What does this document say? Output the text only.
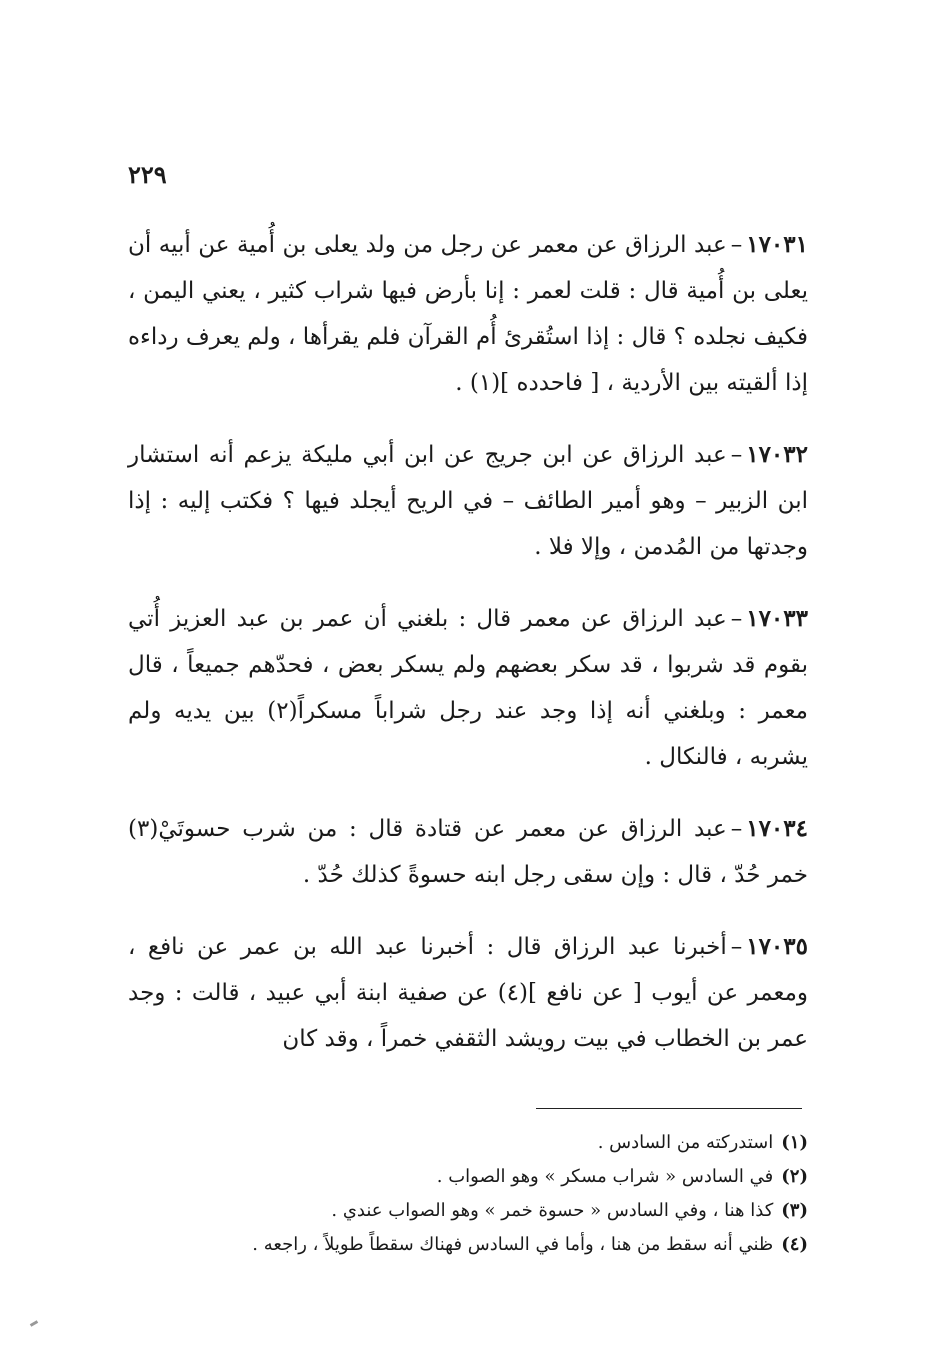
٢٢٩

١٧٠٣١–عبد الرزاق عن معمر عن رجل من ولد يعلى بن أُمية عن أبيه أن يعلى بن أُمية قال : قلت لعمر : إنا بأرض فيها شراب كثير ، يعني اليمن ، فكيف نجلده ؟ قال : إذا استُقرئ أُم القرآن فلم يقرأها ، ولم يعرف رداءه إذا ألقيته بين الأردية ، [ فاحدده ](١) .

١٧٠٣٢–عبد الرزاق عن ابن جريج عن ابن أبي مليكة يزعم أنه استشار ابن الزبير – وهو أمير الطائف – في الريح أيجلد فيها ؟ فكتب إليه : إذا وجدتها من المُدمن ، وإلا فلا .

١٧٠٣٣–عبد الرزاق عن معمر قال : بلغني أن عمر بن عبد العزيز أُتي بقوم قد شربوا ، قد سكر بعضهم ولم يسكر بعض ، فحدّهم جميعاً ، قال معمر : وبلغني أنه إذا وجد عند رجل شراباً مسكراً(٢) بين يديه ولم يشربه ، فالنكال .

١٧٠٣٤–عبد الرزاق عن معمر عن قتادة قال : من شرب حسوتَيْ(٣) خمر حُدّ ، قال : وإن سقى رجل ابنه حسوةً كذلك حُدّ .

١٧٠٣٥–أخبرنا عبد الرزاق قال : أخبرنا عبد الله بن عمر عن نافع ، ومعمر عن أيوب [ عن نافع ](٤) عن صفية ابنة أبي عبيد ، قالت : وجد عمر بن الخطاب في بيت رويشد الثقفي خمراً ، وقد كان

(١)استدركته من السادس .

(٢)في السادس « شراب مسكر » وهو الصواب .

(٣)كذا هنا ، وفي السادس « حسوة خمر » وهو الصواب عندي .

(٤)ظني أنه سقط من هنا ، وأما في السادس فهناك سقطاً طويلاً ، راجعه .
